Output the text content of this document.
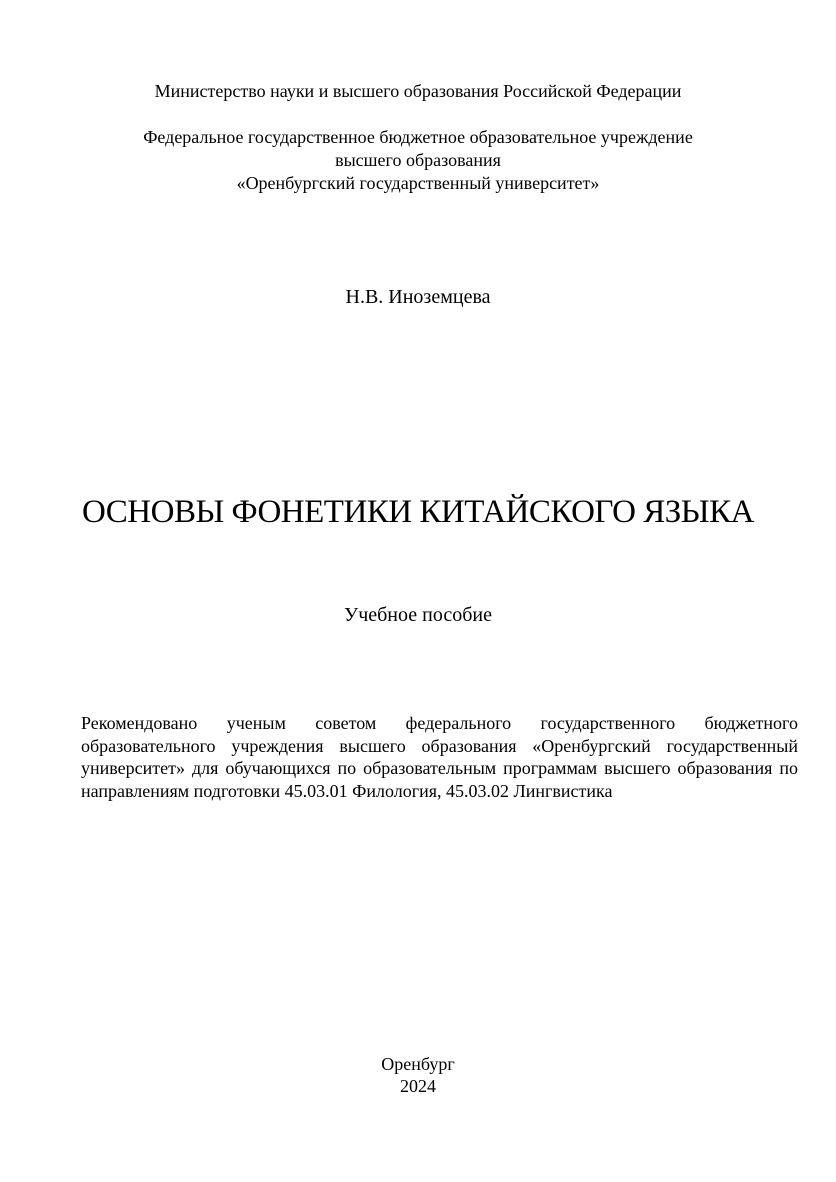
Министерство науки и высшего образования Российской Федерации
Федеральное государственное бюджетное образовательное учреждение
высшего образования
«Оренбургский государственный университет»
Н.В. Иноземцева
ОСНОВЫ ФОНЕТИКИ КИТАЙСКОГО ЯЗЫКА
Учебное пособие
Рекомендовано ученым советом федерального государственного бюджетного образовательного учреждения высшего образования «Оренбургский государственный университет» для обучающихся по образовательным программам высшего образования по направлениям подготовки 45.03.01 Филология, 45.03.02 Лингвистика
Оренбург
2024
